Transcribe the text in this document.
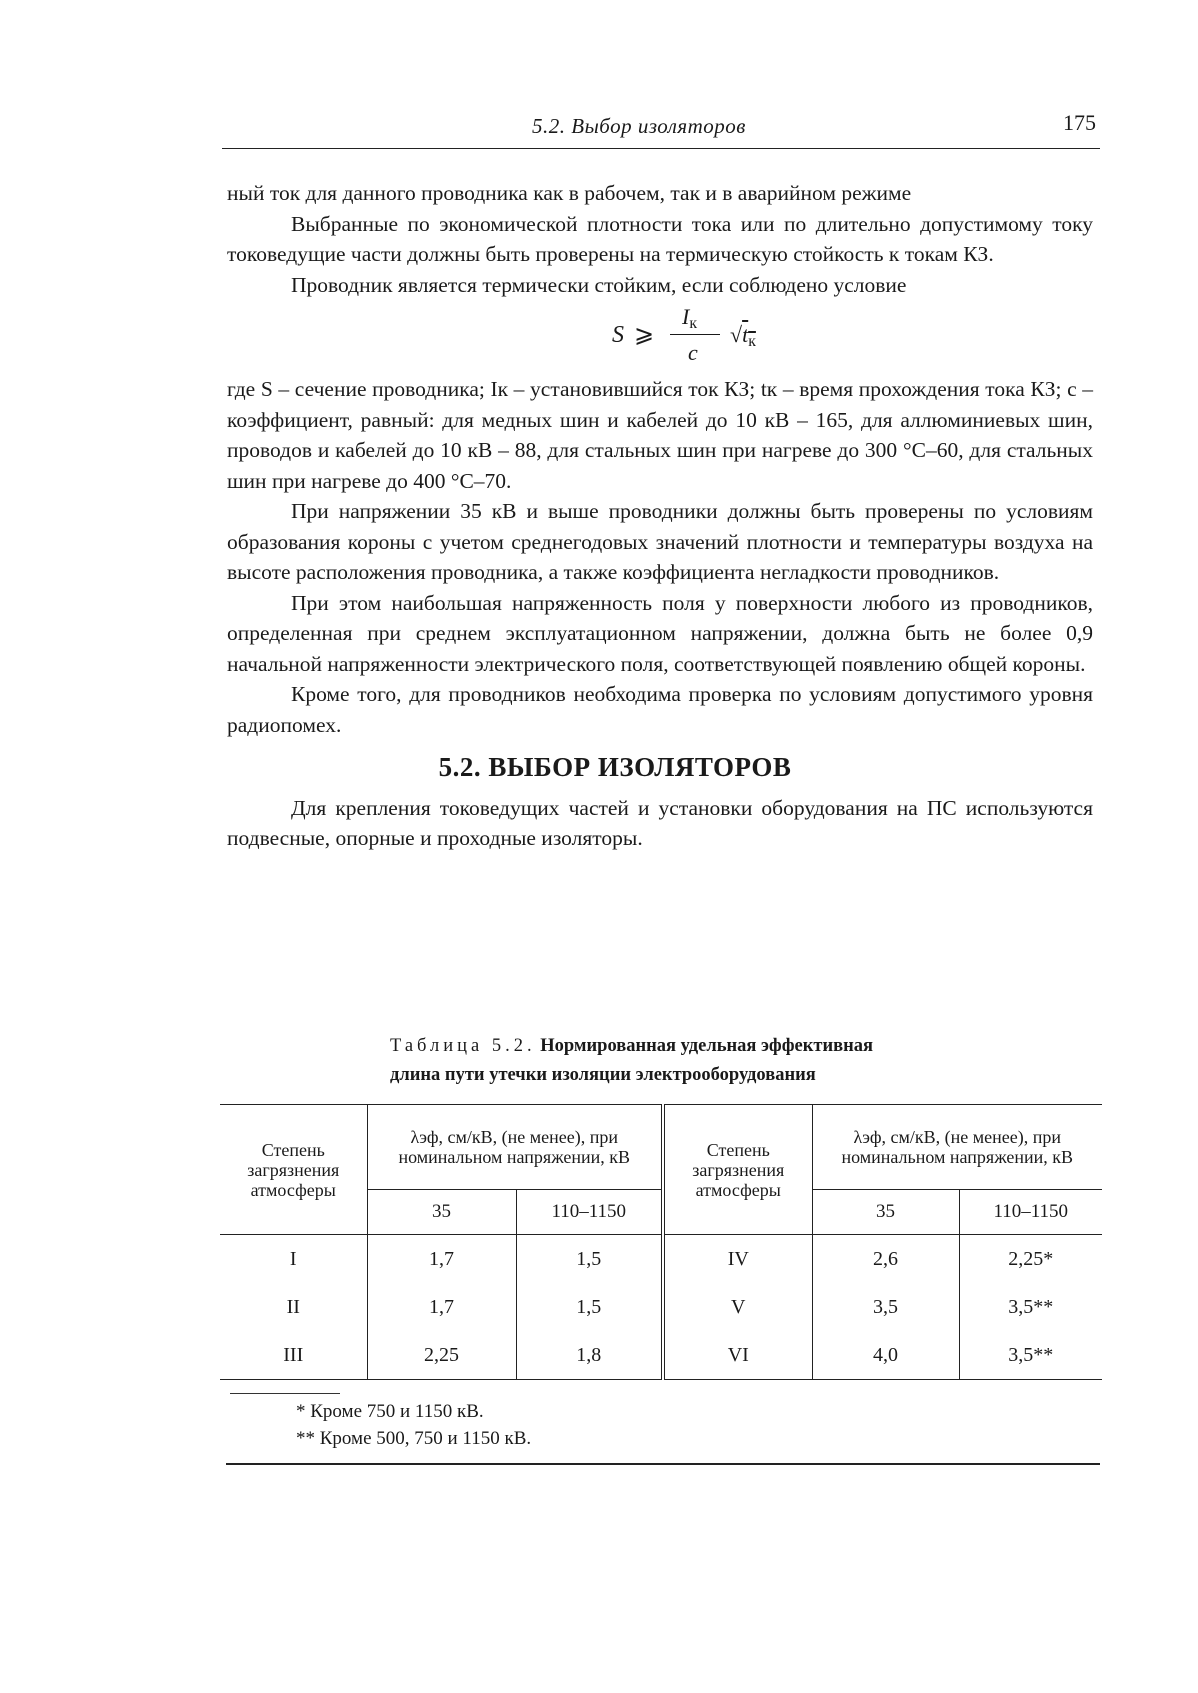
5.2. Выбор изоляторов	175

ный ток для данного проводника как в рабочем, так и в аварийном режиме

Выбранные по экономической плотности тока или по длительно допустимому току токоведущие части должны быть проверены на термическую стойкость к токам КЗ.

Проводник является термически стойким, если соблюдено условие

S ⩾
$I_к$
c
$√t_к$

где S – сечение проводника; Iк – установившийся ток КЗ; tк – время прохождения тока КЗ; c – коэффициент, равный: для медных шин и кабелей до 10 кВ – 165, для аллюминиевых шин, проводов и кабелей до 10 кВ – 88, для стальных шин при нагреве до 300 °С–60, для стальных шин при нагреве до 400 °С–70.

При напряжении 35 кВ и выше проводники должны быть проверены по условиям образования короны с учетом среднегодовых значений плотности и температуры воздуха на высоте расположения проводника, а также коэффициента негладкости проводников.

При этом наибольшая напряженность поля у поверхности любого из проводников, определенная при среднем эксплуатационном напряжении, должна быть не более 0,9 начальной напряженности электрического поля, соответствующей появлению общей короны.

Кроме того, для проводников необходима проверка по условиям допустимого уровня радиопомех.

5.2. ВЫБОР ИЗОЛЯТОРОВ

Для крепления токоведущих частей и установки оборудования на ПС используются подвесные, опорные и проходные изоляторы.

Таблица 5.2. Нормированная удельная эффективная
длина пути утечки изоляции электрооборудования
Степень загрязнения атмосферы	λэф, см/кВ, (не менее), при номинальном напряжении, кВ		Степень загрязнения атмосферы	λэф, см/кВ, (не менее), при номинальном напряжении, кВ	
	35	110–1150		35	110–1150
I	1,7	1,5	IV	2,6	2,25*
II	1,7	1,5	V	3,5	3,5**
III	2,25	1,8	VI	4,0	3,5**
* Кроме 750 и 1150 кВ.
** Кроме 500, 750 и 1150 кВ.
